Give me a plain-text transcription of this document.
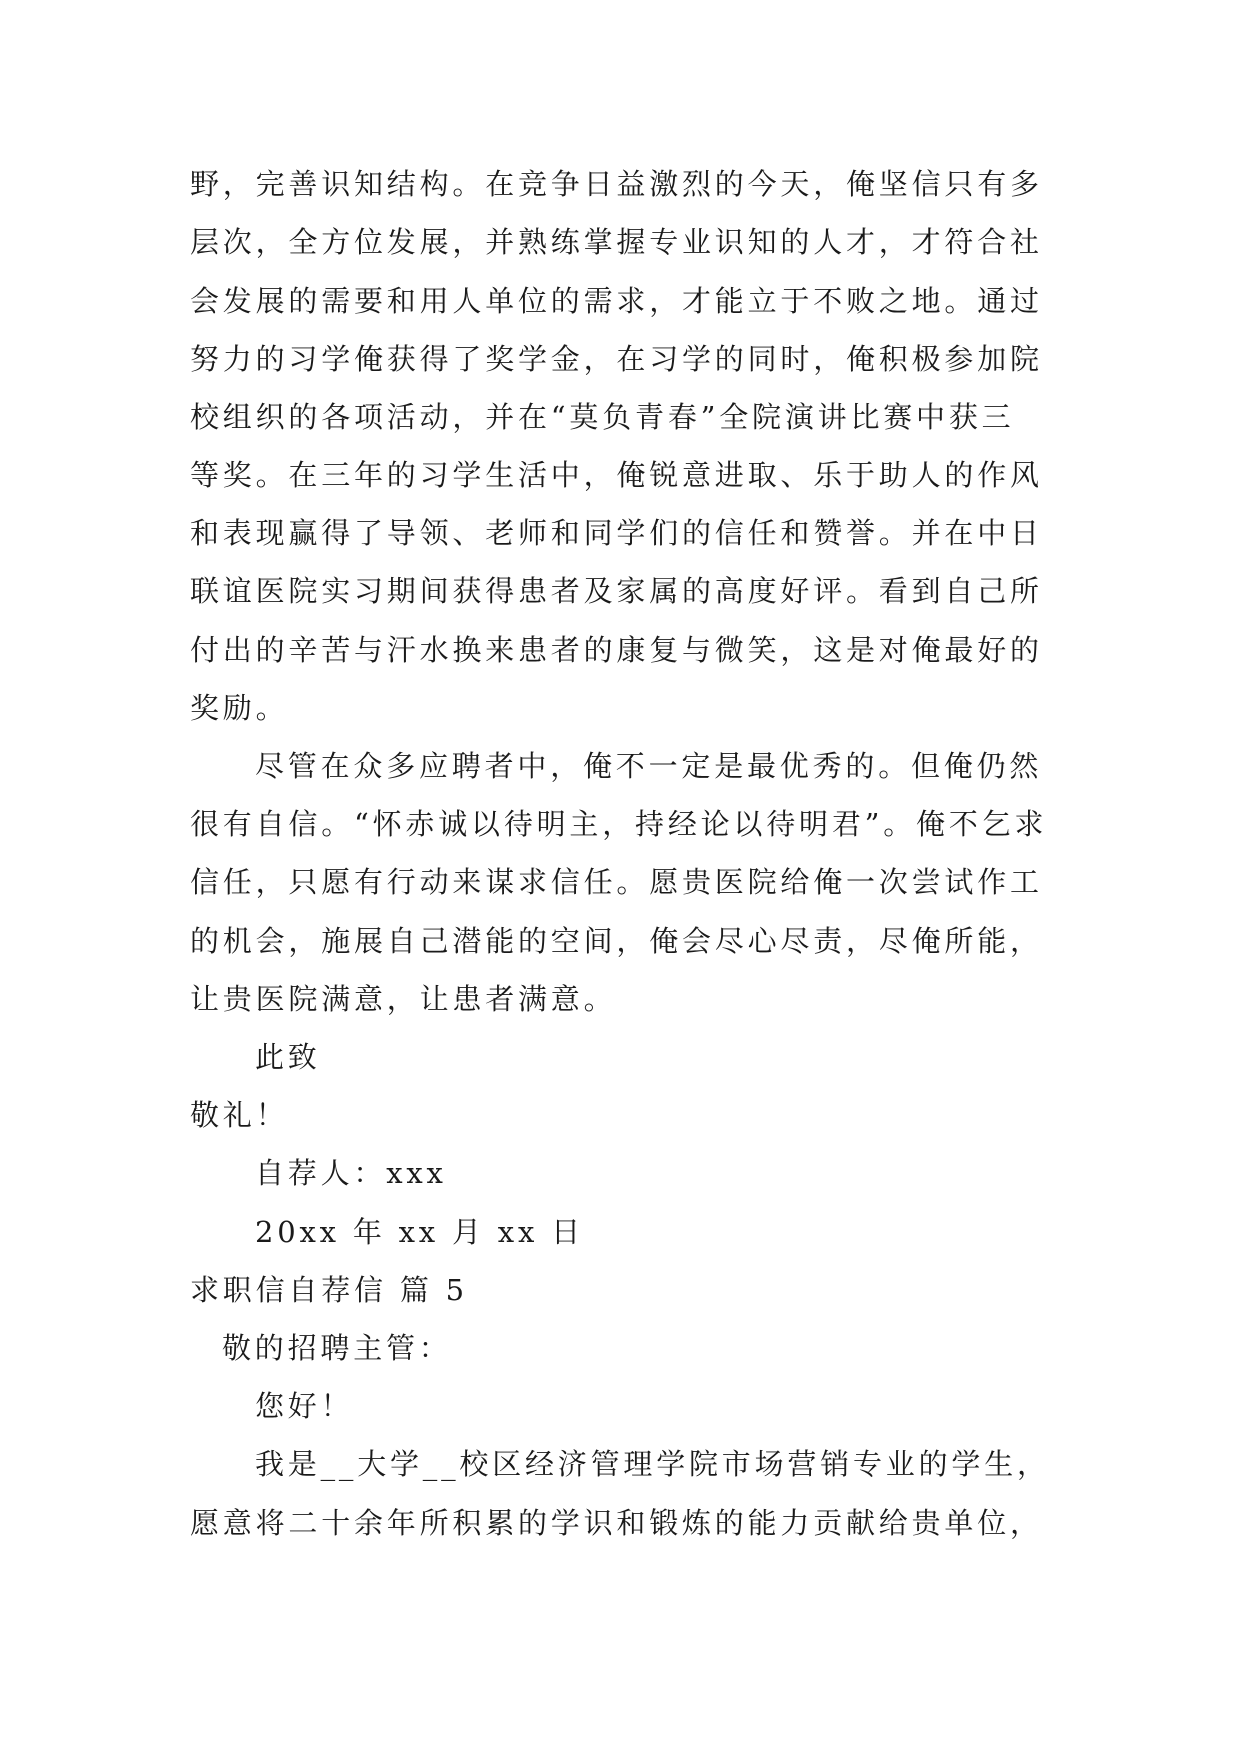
野，完善识知结构。在竞争日益激烈的今天，俺坚信只有多
层次，全方位发展，并熟练掌握专业识知的人才，才符合社
会发展的需要和用人单位的需求，才能立于不败之地。通过
努力的习学俺获得了奖学金，在习学的同时，俺积极参加院
校组织的各项活动，并在“莫负青春”全院演讲比赛中获三
等奖。在三年的习学生活中，俺锐意进取、乐于助人的作风
和表现赢得了导领、老师和同学们的信任和赞誉。并在中日
联谊医院实习期间获得患者及家属的高度好评。看到自己所
付出的辛苦与汗水换来患者的康复与微笑，这是对俺最好的
奖励。
尽管在众多应聘者中，俺不一定是最优秀的。但俺仍然
很有自信。“怀赤诚以待明主，持经论以待明君”。俺不乞求
信任，只愿有行动来谋求信任。愿贵医院给俺一次尝试作工
的机会，施展自己潜能的空间，俺会尽心尽责，尽俺所能，
让贵医院满意，让患者满意。
此致
敬礼！
自荐人：xxx
20xx 年 xx 月 xx 日
求职信自荐信 篇 5
敬的招聘主管：
您好！
我是__大学__校区经济管理学院市场营销专业的学生，
愿意将二十余年所积累的学识和锻炼的能力贡献给贵单位，
